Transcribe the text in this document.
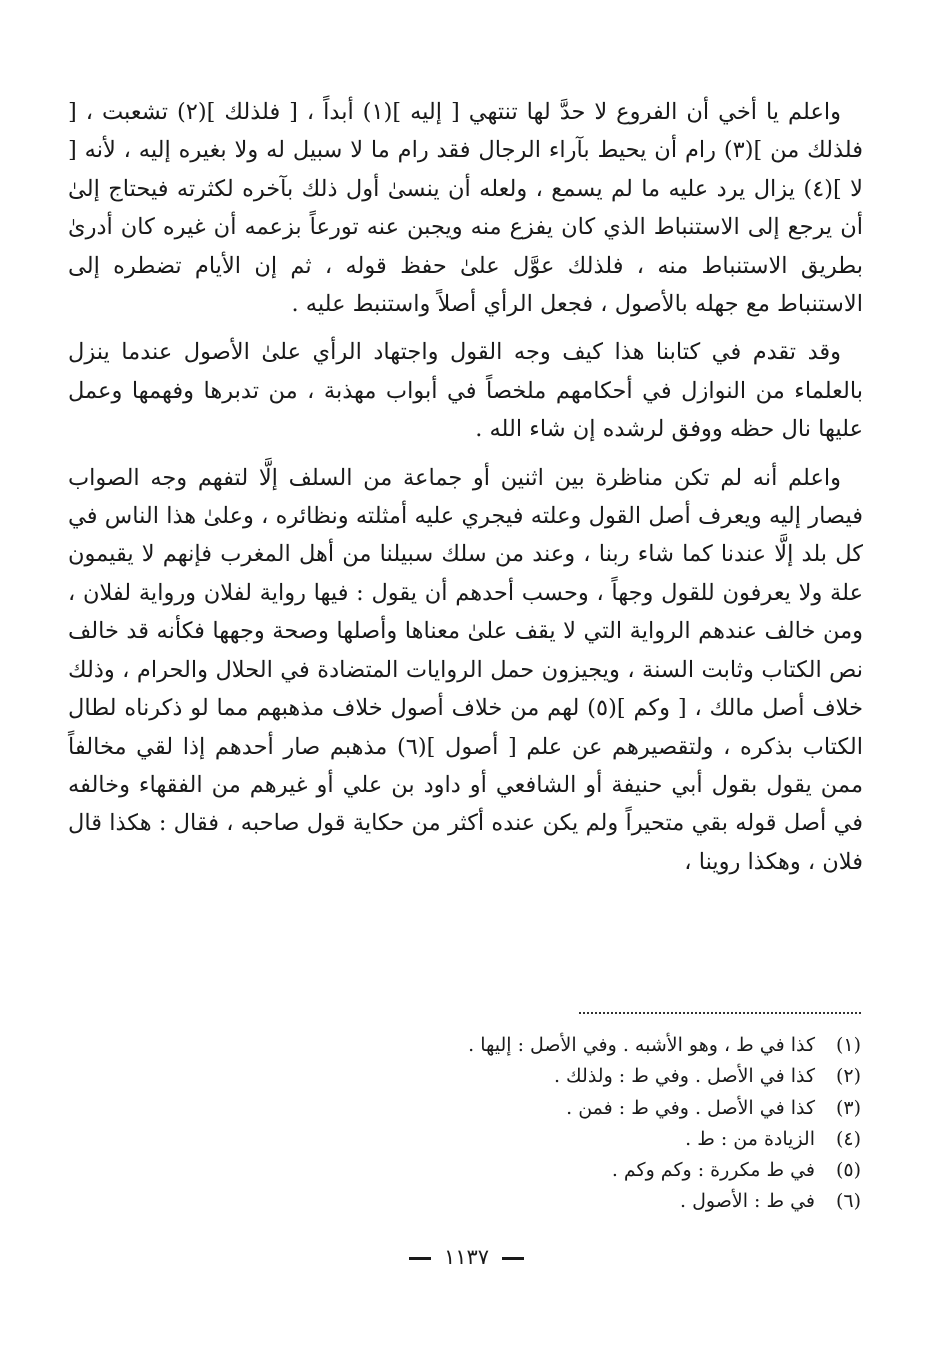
واعلم يا أخي أن الفروع لا حدَّ لها تنتهي [ إليه ](١) أبداً ، [ فلذلك ](٢) تشعبت ، [ فلذلك من ](٣) رام أن يحيط بآراء الرجال فقد رام ما لا سبيل له ولا بغيره إليه ، لأنه [ لا ](٤) يزال يرد عليه ما لم يسمع ، ولعله أن ينسىٰ أول ذلك بآخره لكثرته فيحتاج إلىٰ أن يرجع إلى الاستنباط الذي كان يفزع منه ويجبن عنه تورعاً بزعمه أن غيره كان أدرىٰ بطريق الاستنباط منه ، فلذلك عوَّل علىٰ حفظ قوله ، ثم إن الأيام تضطره إلى الاستنباط مع جهله بالأصول ، فجعل الرأي أصلاً واستنبط عليه .

وقد تقدم في كتابنا هذا كيف وجه القول واجتهاد الرأي علىٰ الأصول عندما ينزل بالعلماء من النوازل في أحكامهم ملخصاً في أبواب مهذبة ، من تدبرها وفهمها وعمل عليها نال حظه ووفق لرشده إن شاء الله .

واعلم أنه لم تكن مناظرة بين اثنين أو جماعة من السلف إلَّا لتفهم وجه الصواب فيصار إليه ويعرف أصل القول وعلته فيجري عليه أمثلته ونظائره ، وعلىٰ هذا الناس في كل بلد إلَّا عندنا كما شاء ربنا ، وعند من سلك سبيلنا من أهل المغرب فإنهم لا يقيمون علة ولا يعرفون للقول وجهاً ، وحسب أحدهم أن يقول : فيها رواية لفلان ورواية لفلان ، ومن خالف عندهم الرواية التي لا يقف علىٰ معناها وأصلها وصحة وجهها فكأنه قد خالف نص الكتاب وثابت السنة ، ويجيزون حمل الروايات المتضادة في الحلال والحرام ، وذلك خلاف أصل مالك ، [ وكم ](٥) لهم من خلاف أصول خلاف مذهبهم مما لو ذكرناه لطال الكتاب بذكره ، ولتقصيرهم عن علم [ أصول ](٦) مذهبم صار أحدهم إذا لقي مخالفاً ممن يقول بقول أبي حنيفة أو الشافعي أو داود بن علي أو غيرهم من الفقهاء وخالفه في أصل قوله بقي متحيراً ولم يكن عنده أكثر من حكاية قول صاحبه ، فقال : هكذا قال فلان ، وهكذا روينا ،

(١)
كذا في ط ، وهو الأشبه . وفي الأصل : إليها .
(٢)
كذا في الأصل . وفي ط : ولذلك .
(٣)
كذا في الأصل . وفي ط : فمن .
(٤)
الزيادة من : ط .
(٥)
في ط مكررة : وكم وكم .
(٦)
في ط : الأصول .
١١٣٧
